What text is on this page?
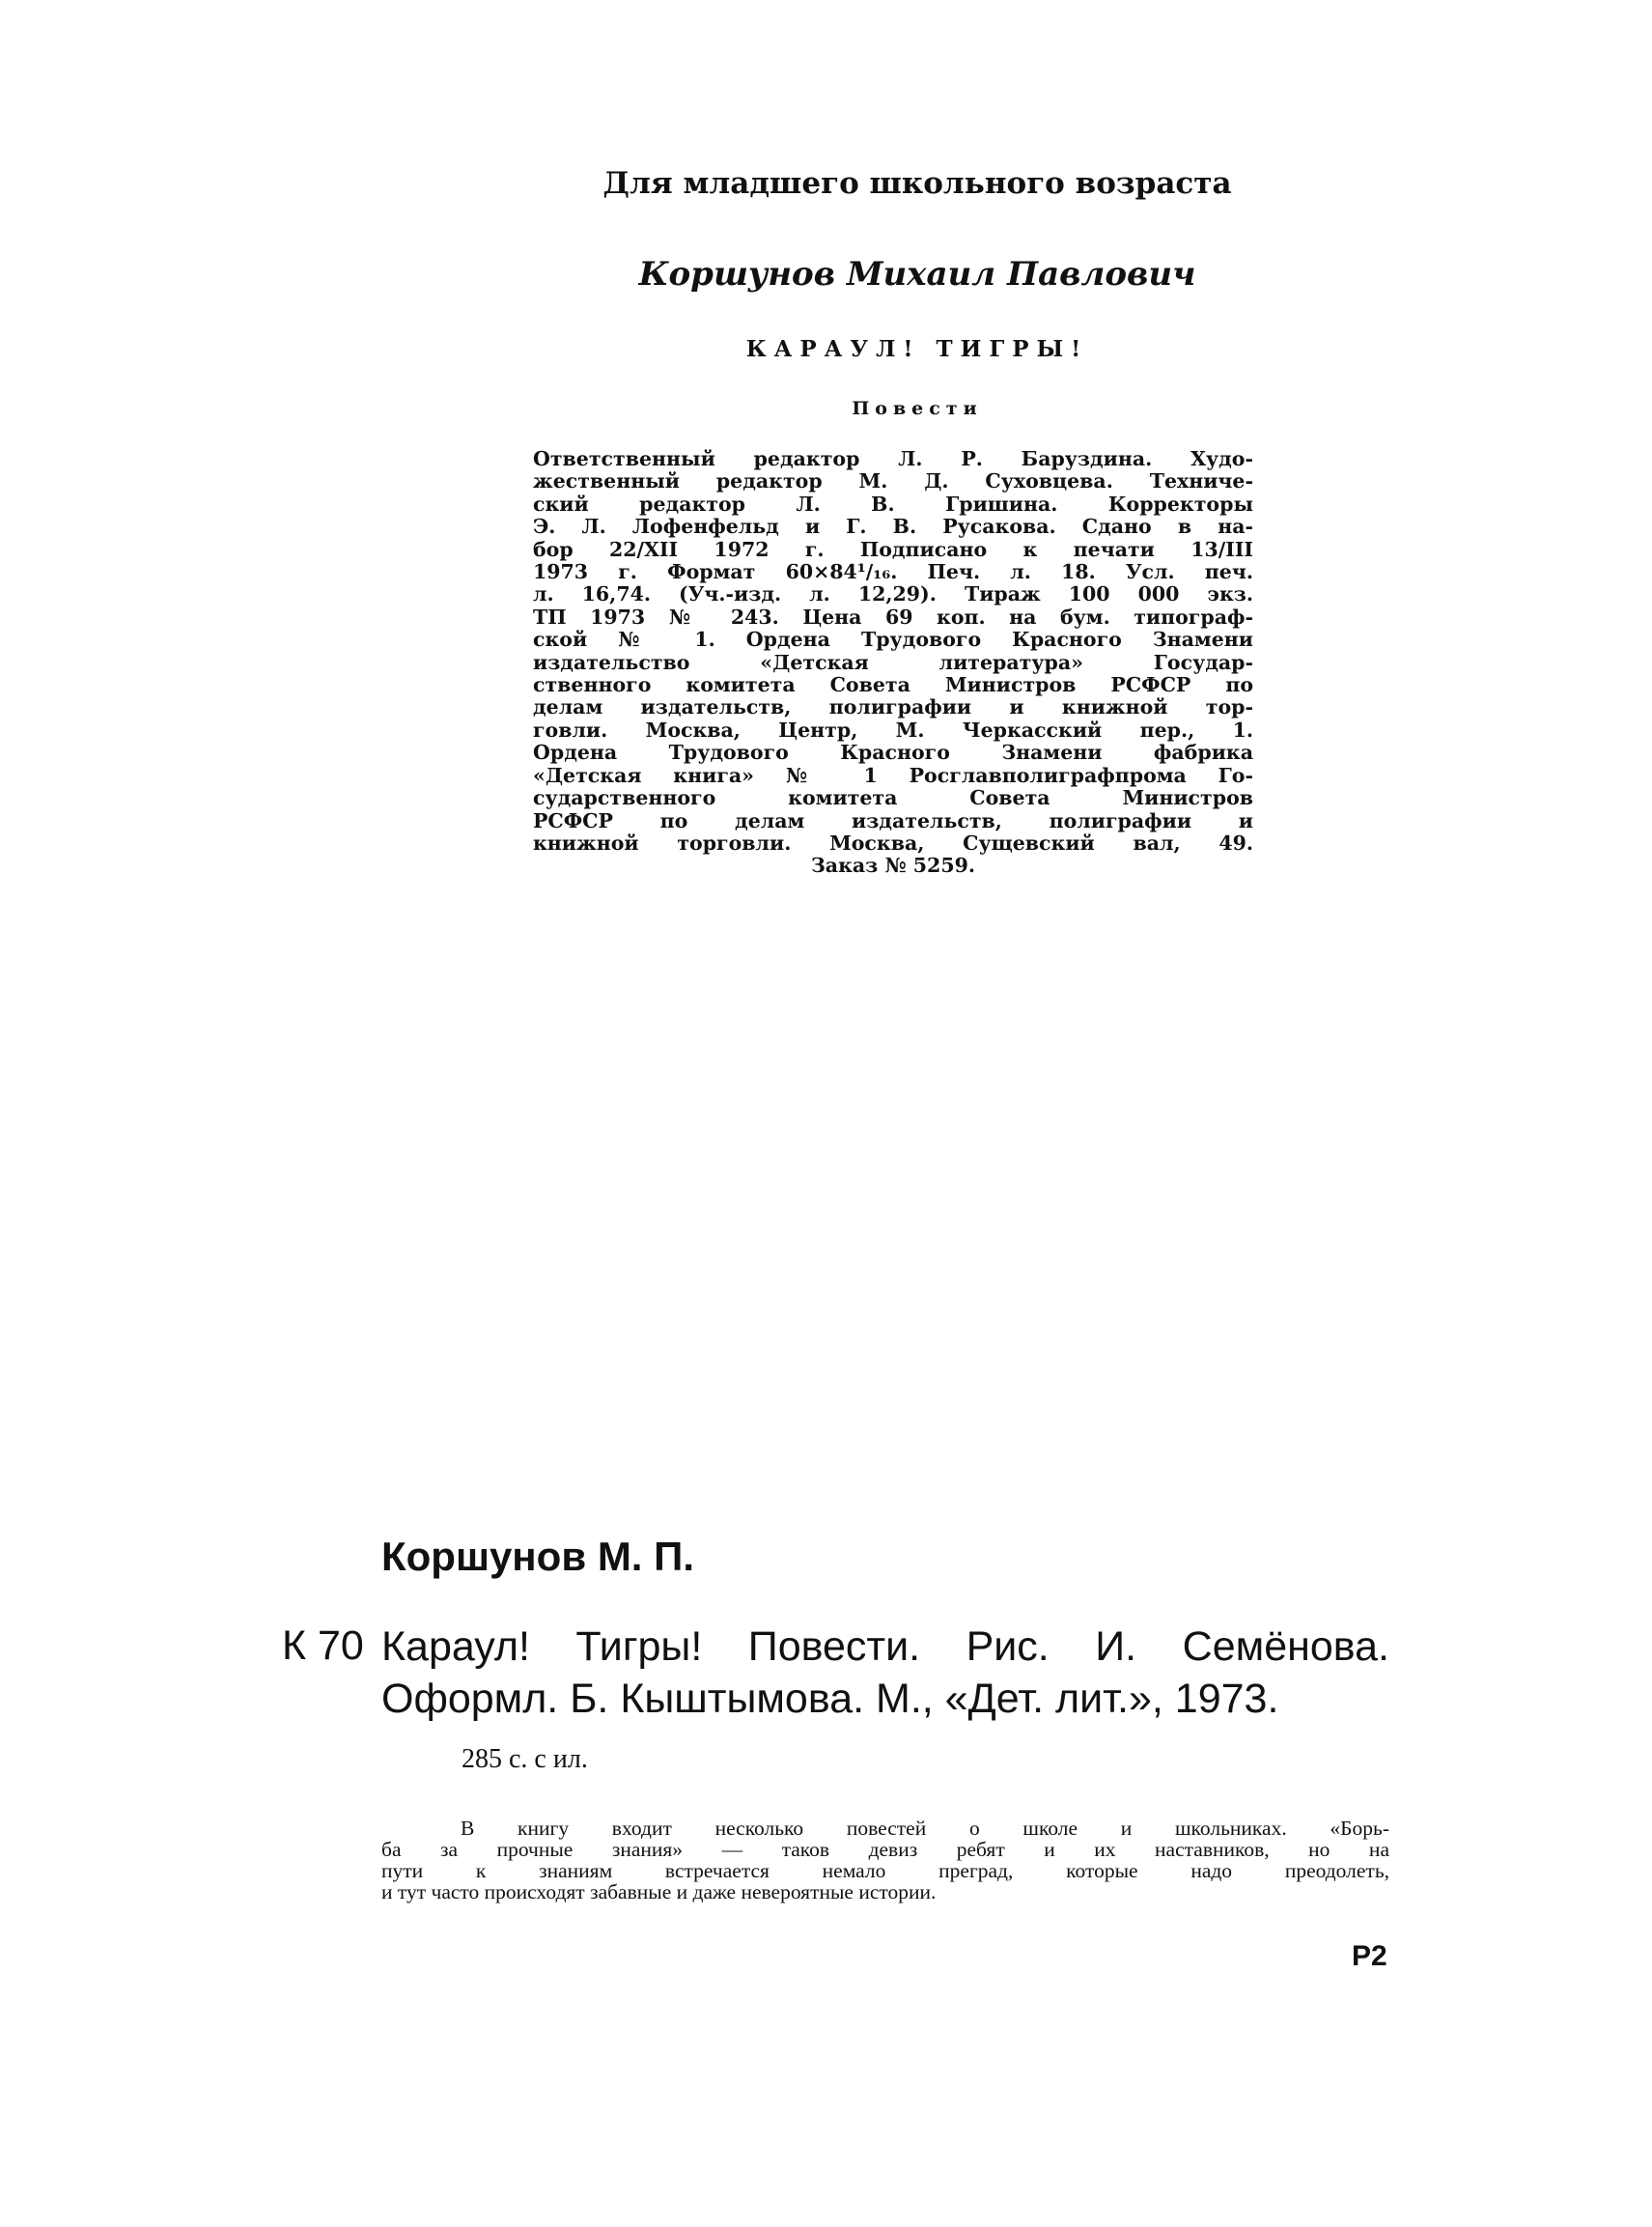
Для младшего школьного возраста
Коршунов Михаил Павлович
КАРАУЛ! ТИГРЫ!
Повести
Ответственный редактор Л. Р. Баруздина. Худо-
жественный редактор М. Д. Суховцева. Техниче-
ский редактор Л. В. Гришина. Корректоры
Э. Л. Лофенфельд и Г. В. Русакова. Сдано в на-
бор 22/XII 1972 г. Подписано к печати 13/III
1973 г. Формат 60×84¹/₁₆. Печ. л. 18. Усл. печ.
л. 16,74. (Уч.-изд. л. 12,29). Тираж 100 000 экз.
ТП 1973 № 243. Цена 69 коп. на бум. типограф-
ской № 1. Ордена Трудового Красного Знамени
издательство «Детская литература» Государ-
ственного комитета Совета Министров РСФСР по
делам издательств, полиграфии и книжной тор-
говли. Москва, Центр, М. Черкасский пер., 1.
Ордена Трудового Красного Знамени фабрика
«Детская книга» № 1 Росглавполиграфпрома Го-
сударственного комитета Совета Министров
РСФСР по делам издательств, полиграфии и
книжной торговли. Москва, Сущевский вал, 49.
Заказ № 5259.
Коршунов М. П.
К 70 Караул! Тигры! Повести. Рис. И. Семёнова.
Оформл. Б. Кыштымова. М., «Дет. лит.», 1973.
285 с. с ил.
В книгу входит несколько повестей о школе и школьниках. «Борь-
ба за прочные знания» — таков девиз ребят и их наставников, но на
пути к знаниям встречается немало преград, которые надо преодолеть,
и тут часто происходят забавные и даже невероятные истории.
Р2
